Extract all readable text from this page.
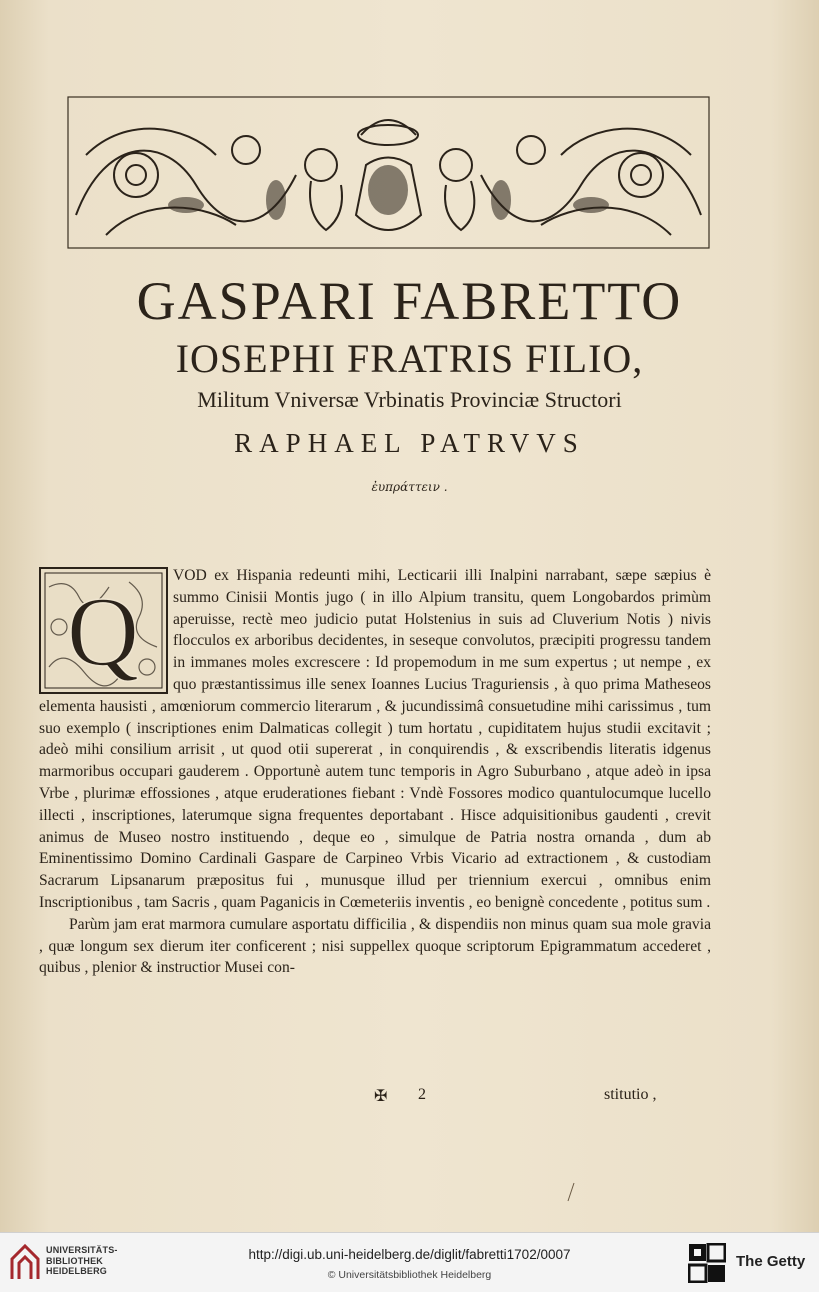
GASPARI FABRETTO
IOSEPHI FRATRIS FILIO,
Militum Vniversæ Vrbinatis Provinciæ Structori
RAPHAEL PATRVVS
ἐυπράττειν .

VOD ex Hispania redeunti mihi, Lecticarii illi Inalpini narrabant, sæpe sæpius è summo Cinisii Montis jugo ( in illo Alpium transitu, quem Longobardos primùm aperuisse, rectè meo judicio putat Holstenius in suis ad Cluverium Notis ) nivis flocculos ex arboribus decidentes, in seseque convolutos, præcipiti progressu tandem in immanes moles excrescere : Id propemodum in me sum expertus ; ut nempe , ex quo præstantissimus ille senex Ioannes Lucius Traguriensis , à quo prima Matheseos elementa hausisti , amœniorum commercio literarum , & jucundissimâ consuetudine mihi carissimus , tum suo exemplo ( inscriptiones enim Dalmaticas collegit ) tum hortatu , cupiditatem hujus studii excitavit ; adeò mihi consilium arrisit , ut quod otii supererat , in conquirendis , & exscribendis literatis idgenus marmoribus occupari gauderem . Opportunè autem tunc temporis in Agro Suburbano , atque adeò in ipsa Vrbe , plurimæ effossiones , atque eruderationes fiebant : Vndè Fossores modico quantulocumque lucello illecti , inscriptiones, laterumque signa frequentes deportabant . Hisce adquisitionibus gaudenti , crevit animus de Museo nostro instituendo , deque eo , simulque de Patria nostra ornanda , dum ab Eminentissimo Domino Cardinali Gaspare de Carpineo Vrbis Vicario ad extractionem , & custodiam Sacrarum Lipsanarum præpositus fui , munusque illud per triennium exercui , omnibus enim Inscriptionibus , tam Sacris , quam Paganicis in Cœmeteriis inventis , eo benignè concedente , potitus sum .

Parùm jam erat marmora cumulare asportatu difficilia , & dispendiis non minus quam sua mole gravia , quæ longum sex dierum iter conficerent ; nisi suppellex quoque scriptorum Epigrammatum accederet , quibus , plenior & instructior Musei con-

Q
✠ 2	stitutio ,
UNIVERSITÄTS-
BIBLIOTHEK
HEIDELBERG
http://digi.ub.uni-heidelberg.de/diglit/fabretti1702/0007
© Universitätsbibliothek Heidelberg
The Getty
